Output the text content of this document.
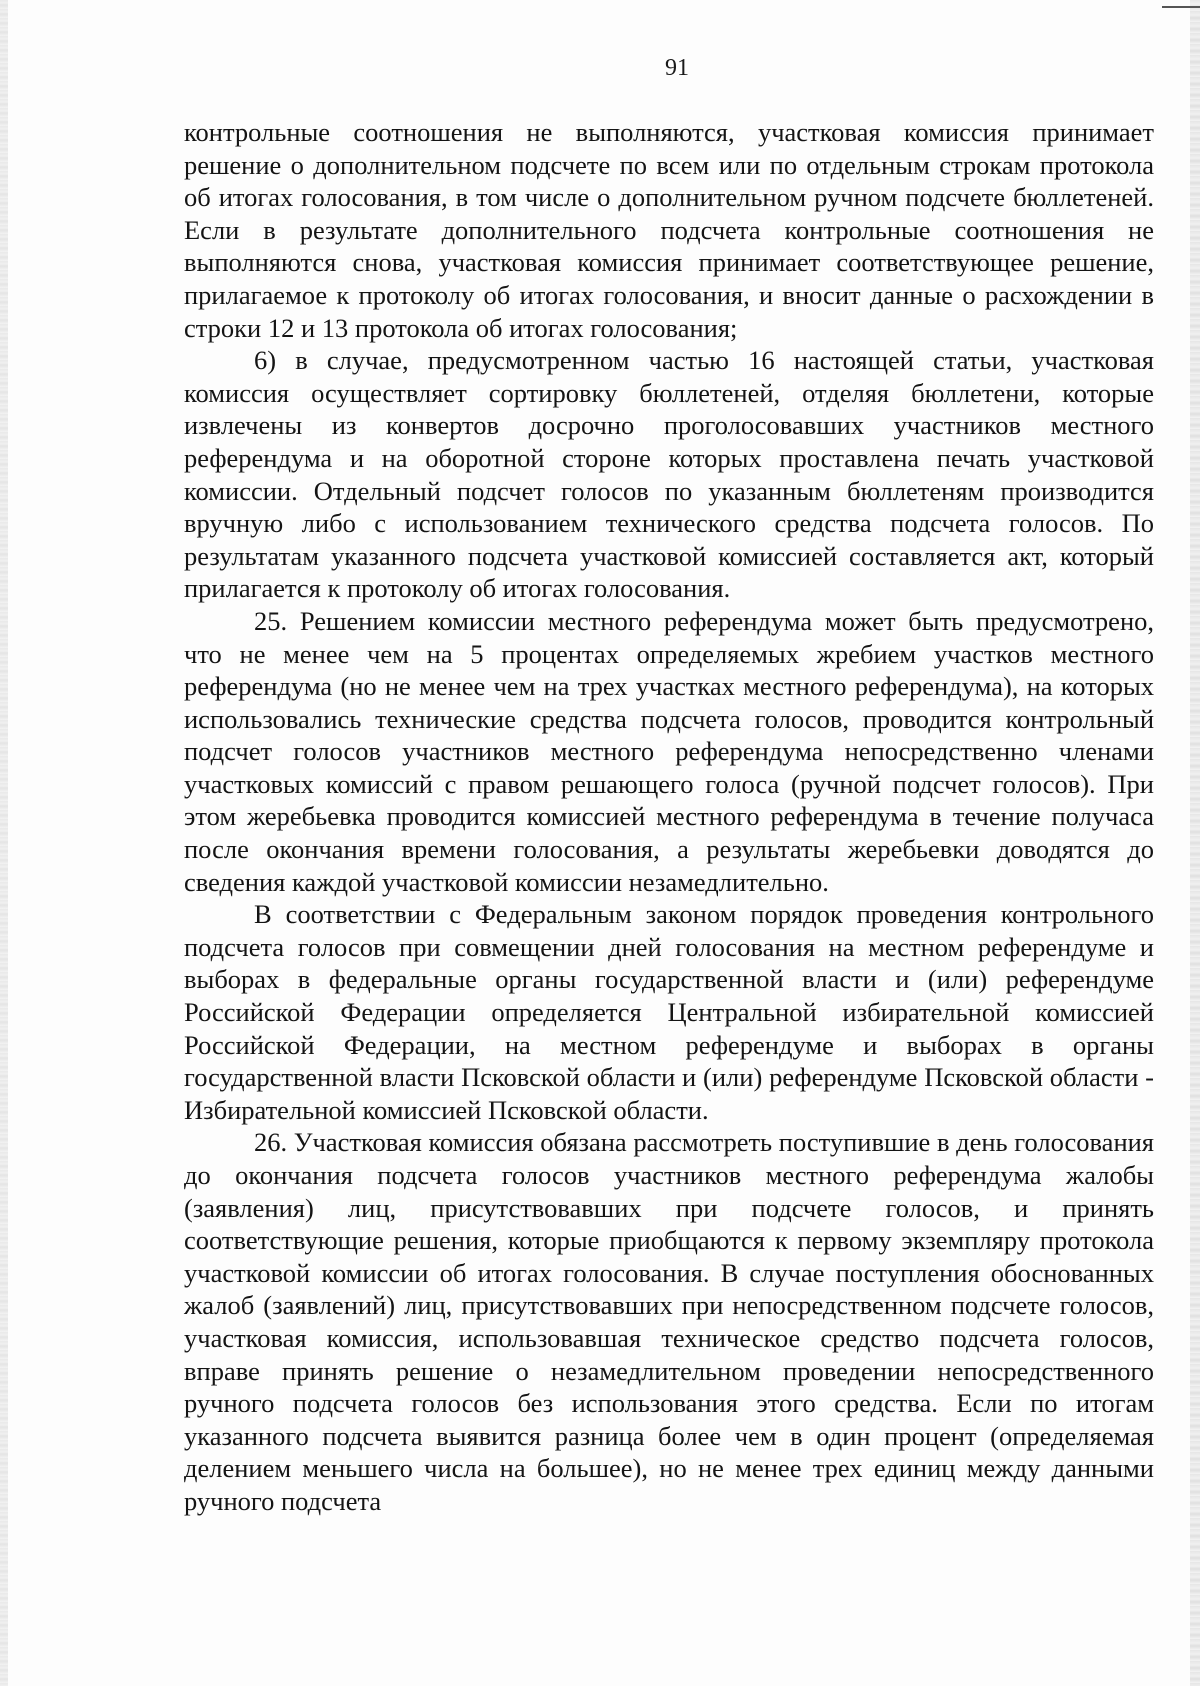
91

контрольные соотношения не выполняются, участковая комиссия принимает решение о дополнительном подсчете по всем или по отдельным строкам протокола об итогах голосования, в том числе о дополнительном ручном подсчете бюллетеней. Если в результате дополнительного подсчета контрольные соотношения не выполняются снова, участковая комиссия принимает соответствующее решение, прилагаемое к протоколу об итогах голосования, и вносит данные о расхождении в строки 12 и 13 протокола об итогах голосования;

6) в случае, предусмотренном частью 16 настоящей статьи, участковая комиссия осуществляет сортировку бюллетеней, отделяя бюллетени, которые извлечены из конвертов досрочно проголосовавших участников местного референдума и на оборотной стороне которых проставлена печать участковой комиссии. Отдельный подсчет голосов по указанным бюллетеням производится вручную либо с использованием технического средства подсчета голосов. По результатам указанного подсчета участковой комиссией составляется акт, который прилагается к протоколу об итогах голосования.

25. Решением комиссии местного референдума может быть предусмотрено, что не менее чем на 5 процентах определяемых жребием участков местного референдума (но не менее чем на трех участках местного референдума), на которых использовались технические средства подсчета голосов, проводится контрольный подсчет голосов участников местного референдума непосредственно членами участковых комиссий с правом решающего голоса (ручной подсчет голосов). При этом жеребьевка проводится комиссией местного референдума в течение получаса после окончания времени голосования, а результаты жеребьевки доводятся до сведения каждой участковой комиссии незамедлительно.

В соответствии с Федеральным законом порядок проведения контрольного подсчета голосов при совмещении дней голосования на местном референдуме и выборах в федеральные органы государственной власти и (или) референдуме Российской Федерации определяется Центральной избирательной комиссией Российской Федерации, на местном референдуме и выборах в органы государственной власти Псковской области и (или) референдуме Псковской области - Избирательной комиссией Псковской области.

26. Участковая комиссия обязана рассмотреть поступившие в день голосования до окончания подсчета голосов участников местного референдума жалобы (заявления) лиц, присутствовавших при подсчете голосов, и принять соответствующие решения, которые приобщаются к первому экземпляру протокола участковой комиссии об итогах голосования. В случае поступления обоснованных жалоб (заявлений) лиц, присутствовавших при непосредственном подсчете голосов, участковая комиссия, использовавшая техническое средство подсчета голосов, вправе принять решение о незамедлительном проведении непосредственного ручного подсчета голосов без использования этого средства. Если по итогам указанного подсчета выявится разница более чем в один процент (определяемая делением меньшего числа на большее), но не менее трех единиц между данными ручного подсчета
